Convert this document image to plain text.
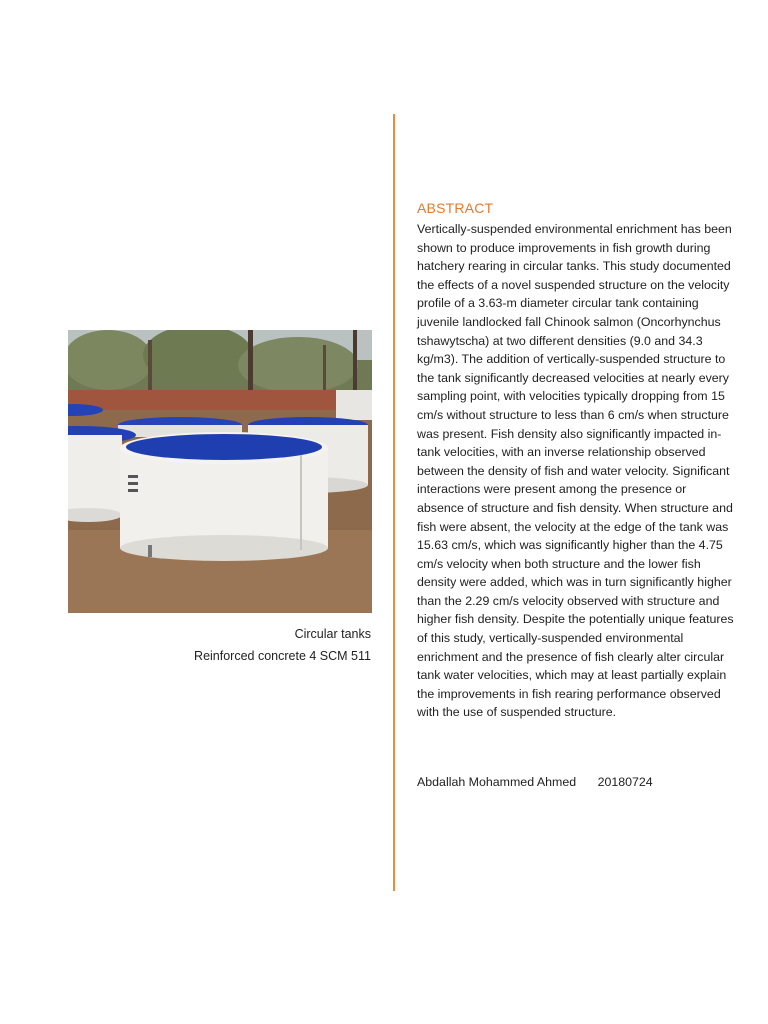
Circular tanks
Reinforced concrete 4 SCM 511
ABSTRACT

Vertically-suspended environmental enrichment has been shown to produce improvements in fish growth during hatchery rearing in circular tanks. This study documented the effects of a novel suspended structure on the velocity profile of a 3.63-m diameter circular tank containing juvenile landlocked fall Chinook salmon (Oncorhynchus tshawytscha) at two different densities (9.0 and 34.3 kg/m3). The addition of vertically-suspended structure to the tank significantly decreased velocities at nearly every sampling point, with velocities typically dropping from 15 cm/s without structure to less than 6 cm/s when structure was present. Fish density also significantly impacted in-tank velocities, with an inverse relationship observed between the density of fish and water velocity. Significant interactions were present among the presence or absence of structure and fish density. When structure and fish were absent, the velocity at the edge of the tank was 15.63 cm/s, which was significantly higher than the 4.75 cm/s velocity when both structure and the lower fish density were added, which was in turn significantly higher than the 2.29 cm/s velocity observed with structure and higher fish density. Despite the potentially unique features of this study, vertically-suspended environmental enrichment and the presence of fish clearly alter circular tank water velocities, which may at least partially explain the improvements in fish rearing performance observed with the use of suspended structure.

Abdallah Mohammed Ahmed 20180724
